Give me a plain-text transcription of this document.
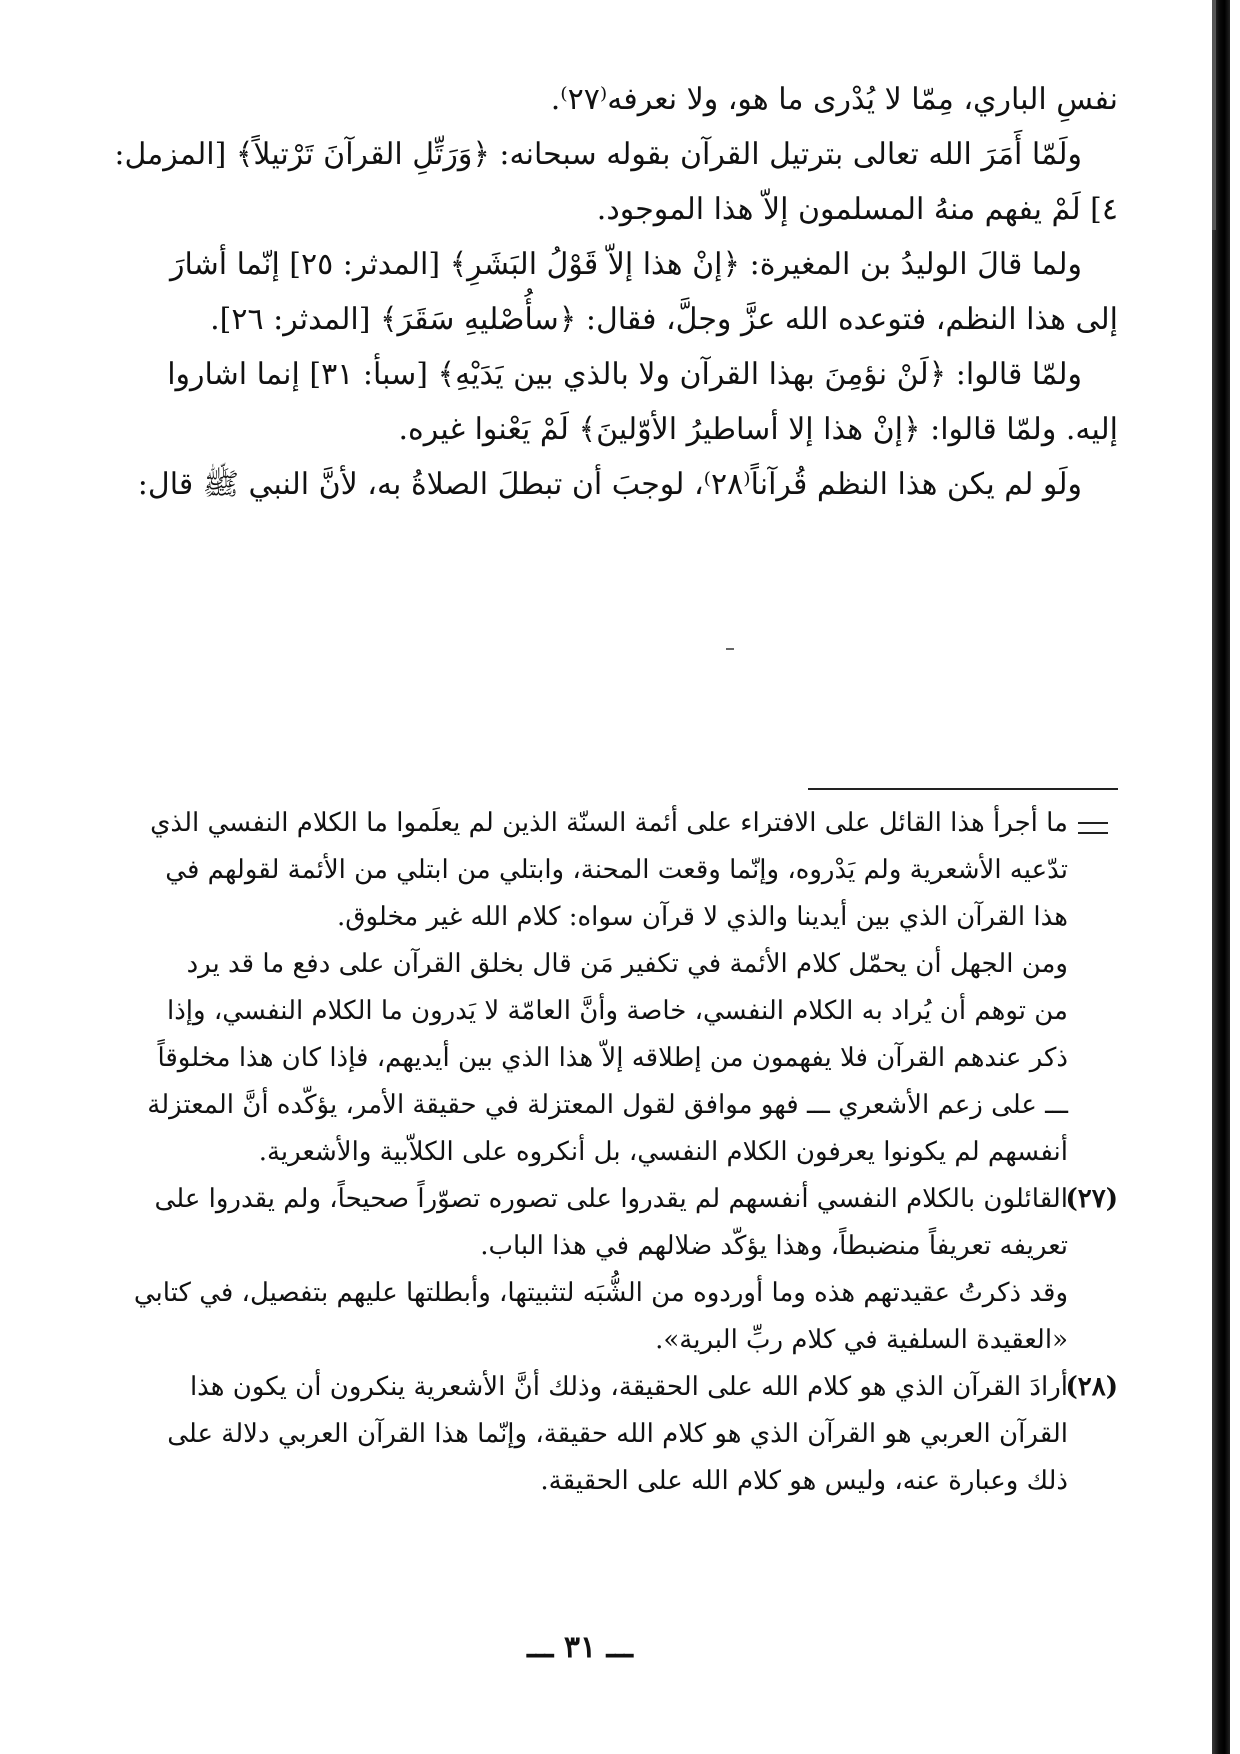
نفسِ الباري، مِمّا لا يُدْرى ما هو، ولا نعرفه⁽٢٧⁾.
ولَمّا أَمَرَ الله تعالى بترتيل القرآن بقوله سبحانه: ﴿وَرَتِّلِ القرآنَ تَرْتيلاً﴾ [المزمل:
٤] لَمْ يفهم منهُ المسلمون إلاّ هذا الموجود.
ولما قالَ الوليدُ بن المغيرة: ﴿إنْ هذا إلاّ قَوْلُ البَشَرِ﴾ [المدثر: ٢٥] إنّما أشارَ
إلى هذا النظم، فتوعده الله عزَّ وجلَّ، فقال: ﴿سأُصْليهِ سَقَرَ﴾ [المدثر: ٢٦].
ولمّا قالوا: ﴿لَنْ نؤمِنَ بهذا القرآن ولا بالذي بين يَدَيْهِ﴾ [سبأ: ٣١] إنما اشاروا
إليه. ولمّا قالوا: ﴿إنْ هذا إلا أساطيرُ الأوّلينَ﴾ لَمْ يَعْنوا غيره.
ولَو لم يكن هذا النظم قُرآناً⁽٢٨⁾، لوجبَ أن تبطلَ الصلاةُ به، لأنَّ النبي ﷺ قال:
ما أجرأ هذا القائل على الافتراء على أئمة السنّة الذين لم يعلَموا ما الكلام النفسي الذي
تدّعيه الأشعرية ولم يَدْروه، وإنّما وقعت المحنة، وابتلي من ابتلي من الأئمة لقولهم في
هذا القرآن الذي بين أيدينا والذي لا قرآن سواه: كلام الله غير مخلوق.
ومن الجهل أن يحمّل كلام الأئمة في تكفير مَن قال بخلق القرآن على دفع ما قد يرد
من توهم أن يُراد به الكلام النفسي، خاصة وأنَّ العامّة لا يَدرون ما الكلام النفسي، وإذا
ذكر عندهم القرآن فلا يفهمون من إطلاقه إلاّ هذا الذي بين أيديهم، فإذا كان هذا مخلوقاً
ـــ على زعم الأشعري ـــ فهو موافق لقول المعتزلة في حقيقة الأمر، يؤكّده أنَّ المعتزلة
أنفسهم لم يكونوا يعرفون الكلام النفسي، بل أنكروه على الكلاّبية والأشعرية.
(٢٧)القائلون بالكلام النفسي أنفسهم لم يقدروا على تصوره تصوّراً صحيحاً، ولم يقدروا على
تعريفه تعريفاً منضبطاً، وهذا يؤكّد ضلالهم في هذا الباب.
وقد ذكرتُ عقيدتهم هذه وما أوردوه من الشُّبَه لتثبيتها، وأبطلتها عليهم بتفصيل، في كتابي
«العقيدة السلفية في كلام ربِّ البرية».
(٢٨)أرادَ القرآن الذي هو كلام الله على الحقيقة، وذلك أنَّ الأشعرية ينكرون أن يكون هذا
القرآن العربي هو القرآن الذي هو كلام الله حقيقة، وإنّما هذا القرآن العربي دلالة على
ذلك وعبارة عنه، وليس هو كلام الله على الحقيقة.
ـــ ٣١ ـــ
